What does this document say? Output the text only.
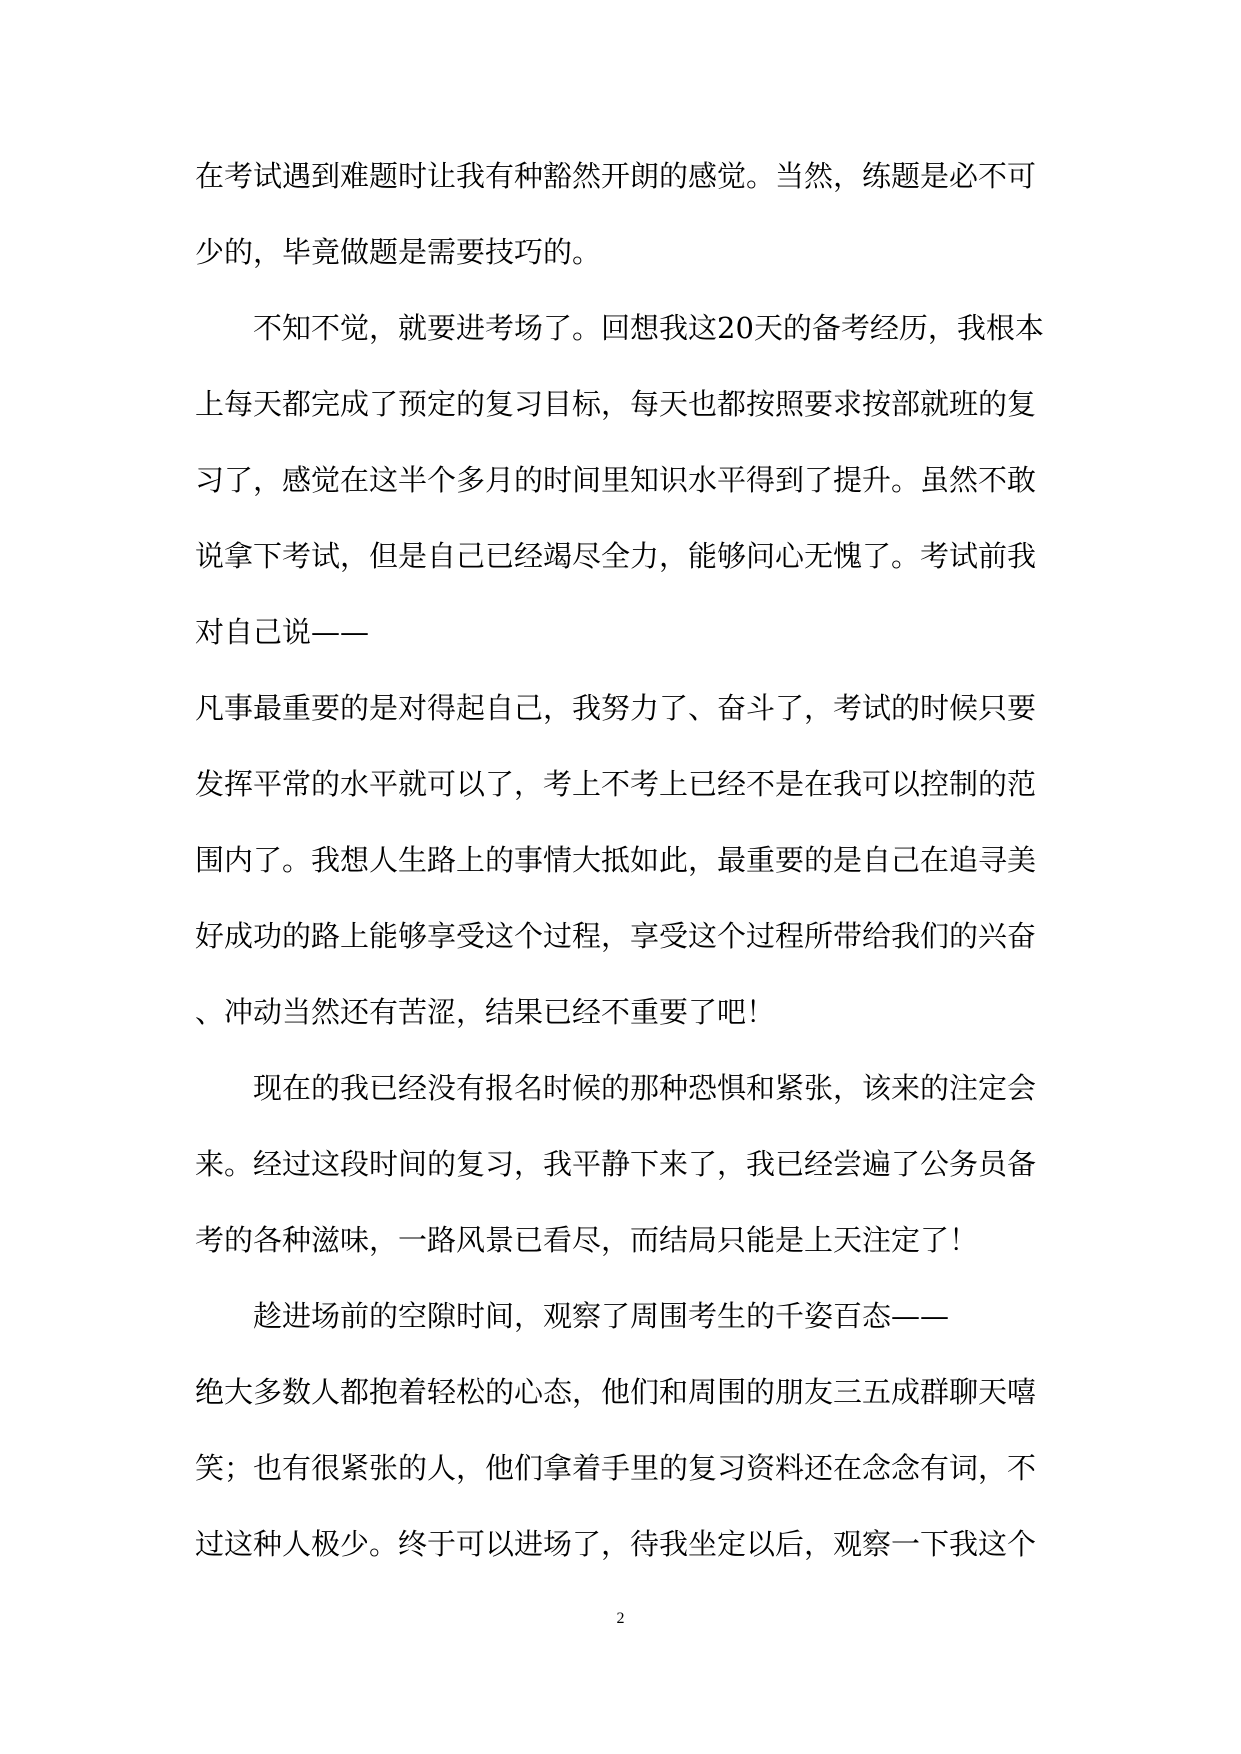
在考试遇到难题时让我有种豁然开朗的感觉。当然，练题是必不可
少的，毕竟做题是需要技巧的。
不知不觉，就要进考场了。回想我这20天的备考经历，我根本
上每天都完成了预定的复习目标，每天也都按照要求按部就班的复
习了，感觉在这半个多月的时间里知识水平得到了提升。虽然不敢
说拿下考试，但是自己已经竭尽全力，能够问心无愧了。考试前我
对自己说——
凡事最重要的是对得起自己，我努力了、奋斗了，考试的时候只要
发挥平常的水平就可以了，考上不考上已经不是在我可以控制的范
围内了。我想人生路上的事情大抵如此，最重要的是自己在追寻美
好成功的路上能够享受这个过程，享受这个过程所带给我们的兴奋
、冲动当然还有苦涩，结果已经不重要了吧！
现在的我已经没有报名时候的那种恐惧和紧张，该来的注定会
来。经过这段时间的复习，我平静下来了，我已经尝遍了公务员备
考的各种滋味，一路风景已看尽，而结局只能是上天注定了！
趁进场前的空隙时间，观察了周围考生的千姿百态——
绝大多数人都抱着轻松的心态，他们和周围的朋友三五成群聊天嘻
笑；也有很紧张的人，他们拿着手里的复习资料还在念念有词，不
过这种人极少。终于可以进场了，待我坐定以后，观察一下我这个
2
